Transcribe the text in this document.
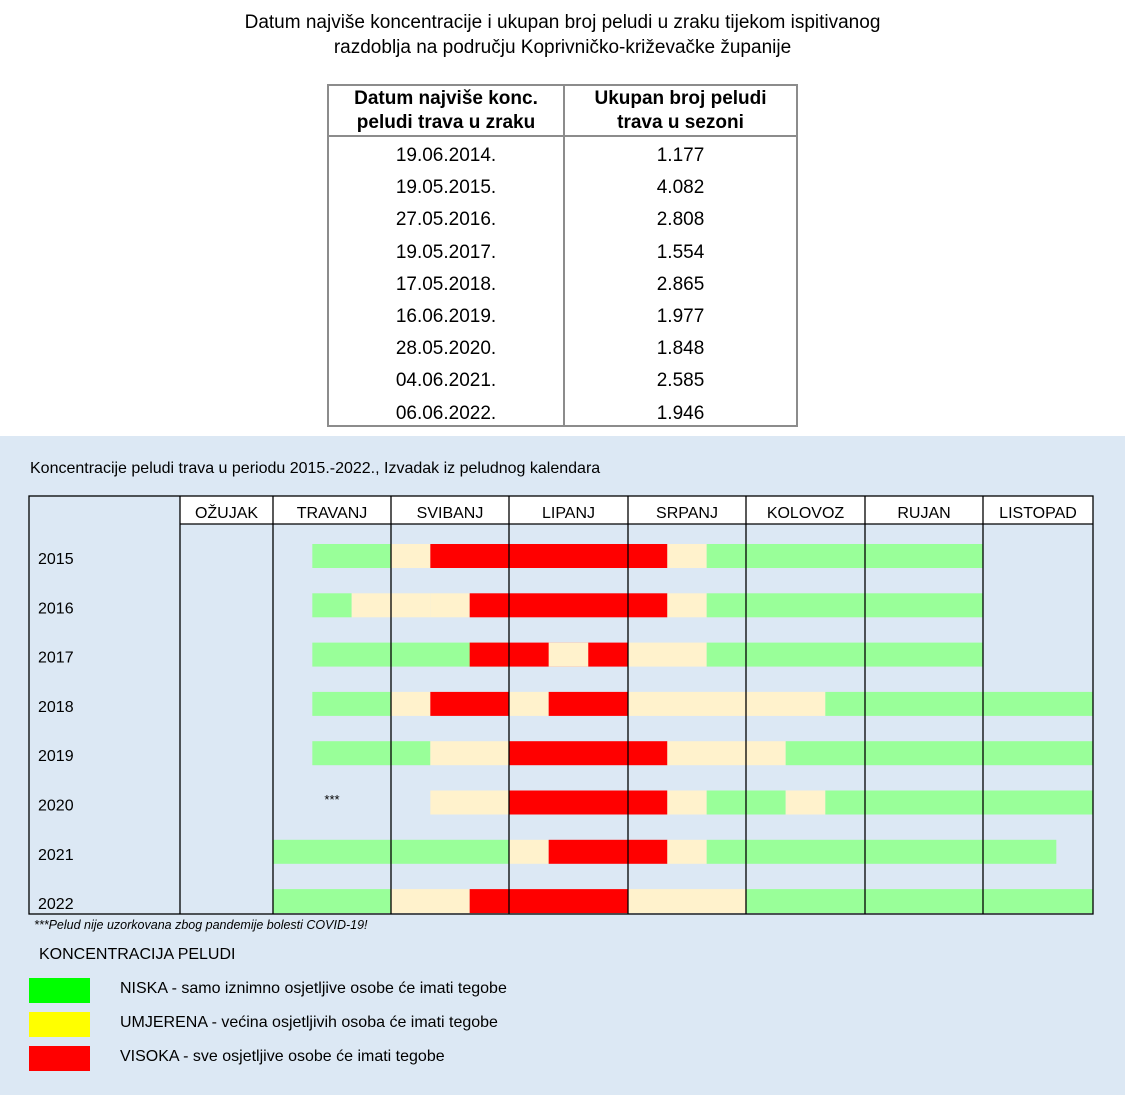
Datum najviše koncentracije i ukupan broj peludi u zraku tijekom ispitivanog
razdoblja na području Koprivničko-križevačke županije
Datum najviše konc.
peludi trava u zraku
Ukupan broj peludi
trava u sezoni
19.06.2014.	1.177
19.05.2015.	4.082
27.05.2016.	2.808
19.05.2017.	1.554
17.05.2018.	2.865
16.06.2019.	1.977
28.05.2020.	1.848
04.06.2021.	2.585
06.06.2022.	1.946
Koncentracije peludi trava u periodu 2015.-2022., Izvadak iz peludnog kalendara
2015
2016
2017
2018
2019
2020
2021
2022
***
OŽUJAK TRAVANJ	SVIBANJ	LIPANJ	SRPANJ	KOLOVOZ	RUJAN	LISTOPAD
***Pelud nije uzorkovana zbog pandemije bolesti COVID-19!
KONCENTRACIJA PELUDI
NISKA - samo iznimno osjetljive osobe će imati tegobe
UMJERENA - većina osjetljivih osoba će imati tegobe
VISOKA - sve osjetljive osobe će imati tegobe
